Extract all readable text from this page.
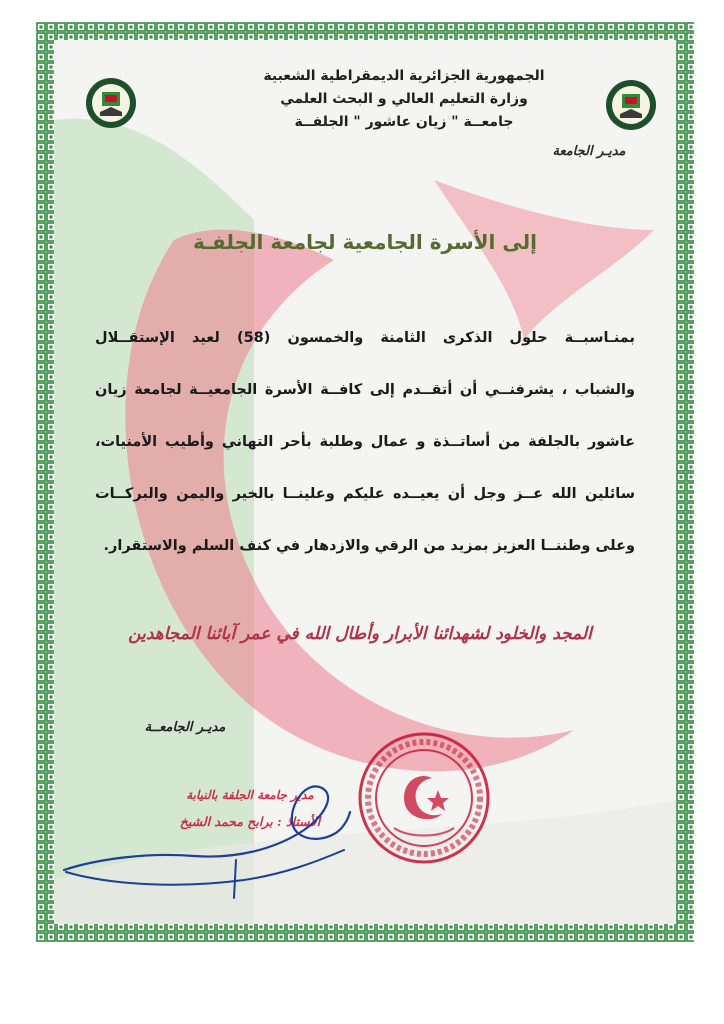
الجمهورية الجزائرية الديمقراطية الشعبية
وزارة التعليم العالي و البحث العلمي
جامعــة " زيان عاشور " الجلفــة
مديـر الجامعة
إلى الأسرة الجامعية لجامعة الجلفـة
بمنـاسبــة حلول الذكرى الثامنة والخمسون (58) لعيد الإستقــلال
والشباب ، يشرفنــي أن أتقــدم إلى كافــة الأسرة الجامعيــة لجامعة زيان
عاشور بالجلفة من أساتــذة و عمال وطلبة بأحر التهاني وأطيب الأمنيات،
سائلين الله عــز وجل أن يعيــده عليكم وعلينــا بالخير واليمن والبركــات
وعلى وطننــا العزيز بمزيد من الرقي والازدهار في كنف السلم والاستقرار.
المجد والخلود لشهدائنا الأبرار وأطال الله في عمر آبائنا المجاهدين
مديـر الجامعــة
مدير جامعة الجلفة بالنيابة
الأستاذ : برابح محمد الشيخ
